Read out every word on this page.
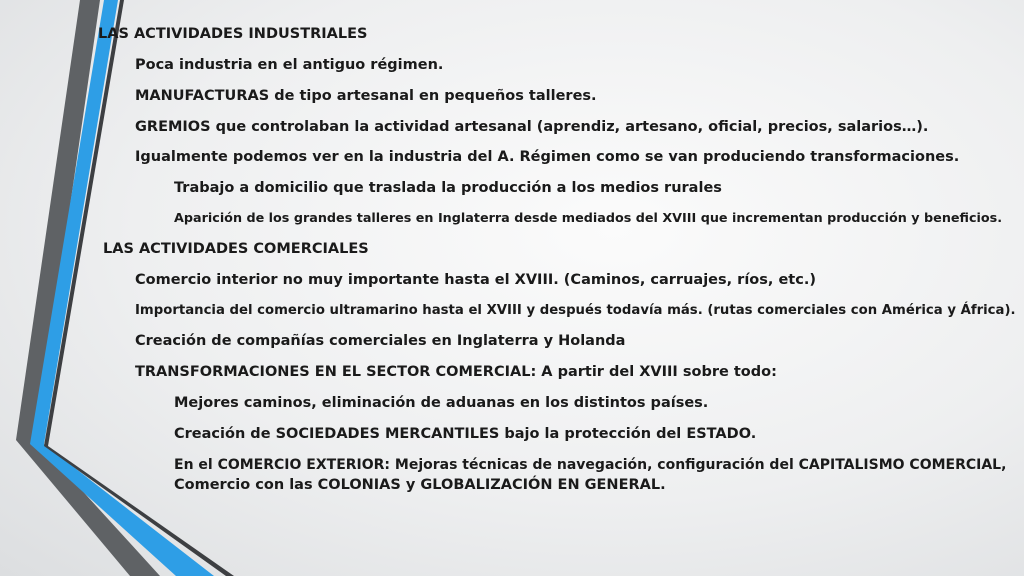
LAS ACTIVIDADES INDUSTRIALES
Poca industria en el antiguo régimen.
MANUFACTURAS de tipo artesanal en pequeños talleres.
GREMIOS que controlaban la actividad artesanal (aprendiz, artesano, oficial, precios, salarios…).
Igualmente podemos ver en la industria del A. Régimen como se van produciendo transformaciones.
Trabajo a domicilio que traslada la producción a los medios rurales
Aparición de los grandes talleres en Inglaterra desde mediados del XVIII que incrementan producción y beneficios.
LAS ACTIVIDADES COMERCIALES
Comercio interior no muy importante hasta el XVIII. (Caminos, carruajes, ríos, etc.)
Importancia del comercio ultramarino hasta el XVIII y después todavía más. (rutas comerciales con América y África).
Creación de compañías comerciales en Inglaterra y Holanda
TRANSFORMACIONES EN EL SECTOR COMERCIAL: A partir del XVIII sobre todo:
Mejores caminos, eliminación de aduanas en los distintos países.
Creación de SOCIEDADES MERCANTILES bajo la protección del ESTADO.
En el COMERCIO EXTERIOR: Mejoras técnicas de navegación, configuración del CAPITALISMO COMERCIAL,
Comercio con las COLONIAS y GLOBALIZACIÓN EN GENERAL.
